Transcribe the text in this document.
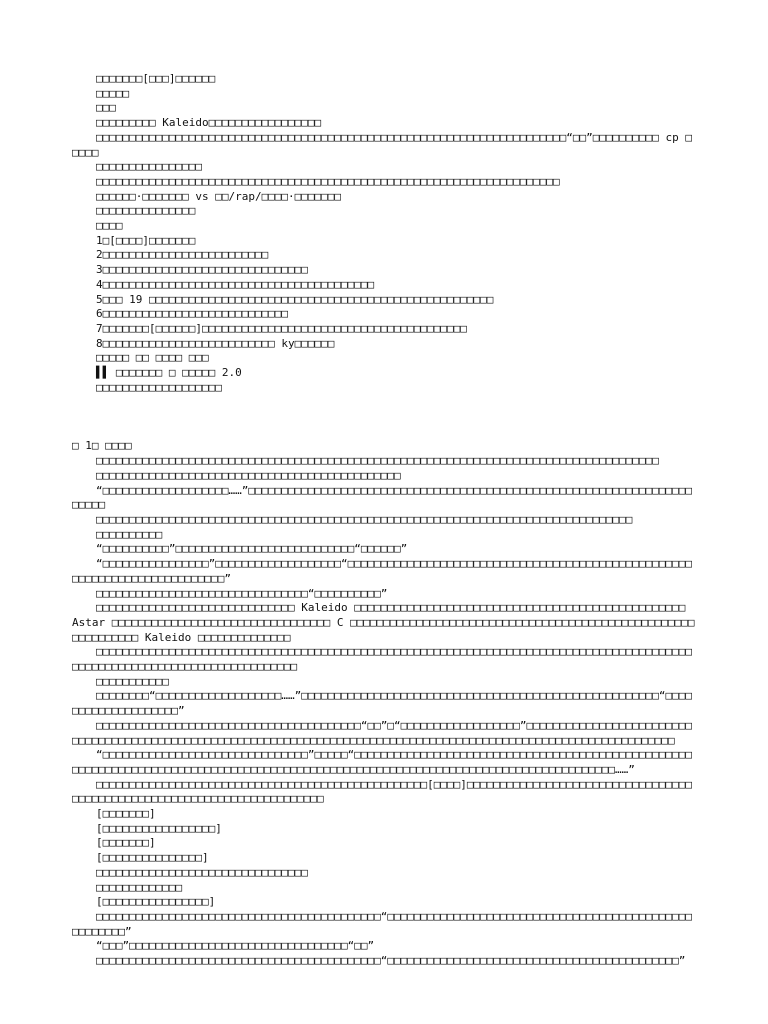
□□□□□□□[□□□]□□□□□□

□□□□□

□□□

□□□□□□□□□ Kaleido□□□□□□□□□□□□□□□□□

□□□□□□□□□□□□□□□□□□□□□□□□□□□□□□□□□□□□□□□□□□□□□□□□□□□□□□□□□□□□□□□□□□□□□□□“□□”□□□□□□□□□□ cp □□□□□

□□□□□□□□□□□□□□□□

□□□□□□□□□□□□□□□□□□□□□□□□□□□□□□□□□□□□□□□□□□□□□□□□□□□□□□□□□□□□□□□□□□□□□□

□□□□□□·□□□□□□□ vs □□/rap/□□□□·□□□□□□□

□□□□□□□□□□□□□□□

□□□□

1□[□□□□]□□□□□□□

2□□□□□□□□□□□□□□□□□□□□□□□□□

3□□□□□□□□□□□□□□□□□□□□□□□□□□□□□□□

4□□□□□□□□□□□□□□□□□□□□□□□□□□□□□□□□□□□□□□□□□

5□□□ 19 □□□□□□□□□□□□□□□□□□□□□□□□□□□□□□□□□□□□□□□□□□□□□□□□□□□□

6□□□□□□□□□□□□□□□□□□□□□□□□□□□□

7□□□□□□□[□□□□□□]□□□□□□□□□□□□□□□□□□□□□□□□□□□□□□□□□□□□□□□□

8□□□□□□□□□□□□□□□□□□□□□□□□□□ ky□□□□□□

□□□□□ □□ □□□□ □□□

▌▌ □□□□□□□ □ □□□□□ 2.0

□□□□□□□□□□□□□□□□□□□

□ 1□ □□□□

□□□□□□□□□□□□□□□□□□□□□□□□□□□□□□□□□□□□□□□□□□□□□□□□□□□□□□□□□□□□□□□□□□□□□□□□□□□□□□□□□□□□□

□□□□□□□□□□□□□□□□□□□□□□□□□□□□□□□□□□□□□□□□□□□□□□

“□□□□□□□□□□□□□□□□□□□……”□□□□□□□□□□□□□□□□□□□□□□□□□□□□□□□□□□□□□□□□□□□□□□□□□□□□□□□□□□□□□□□□□□□□□□□□

□□□□□□□□□□□□□□□□□□□□□□□□□□□□□□□□□□□□□□□□□□□□□□□□□□□□□□□□□□□□□□□□□□□□□□□□□□□□□□□□□

□□□□□□□□□□

“□□□□□□□□□□”□□□□□□□□□□□□□□□□□□□□□□□□□□□“□□□□□□”

“□□□□□□□□□□□□□□□□”□□□□□□□□□□□□□□□□□□□“□□□□□□□□□□□□□□□□□□□□□□□□□□□□□□□□□□□□□□□□□□□□□□□□□□□□□□□□□□□□□□□□□□□□□□□□□□□”

□□□□□□□□□□□□□□□□□□□□□□□□□□□□□□□□“□□□□□□□□□□”

□□□□□□□□□□□□□□□□□□□□□□□□□□□□□□ Kaleido □□□□□□□□□□□□□□□□□□□□□□□□□□□□□□□□□□□□□□□□□□□□□□□□□□ Astar □□□□□□□□□□□□□□□□□□□□□□□□□□□□□□□□□ C □□□□□□□□□□□□□□□□□□□□□□□□□□□□□□□□□□□□□□□□□□□□□□□□□□□□□□□□□□□□□□ Kaleido □□□□□□□□□□□□□□

□□□□□□□□□□□□□□□□□□□□□□□□□□□□□□□□□□□□□□□□□□□□□□□□□□□□□□□□□□□□□□□□□□□□□□□□□□□□□□□□□□□□□□□□□□□□□□□□□□□□□□□□□□□□□□□□□□□□□□□□□□□□

□□□□□□□□□□□

□□□□□□□□“□□□□□□□□□□□□□□□□□□□……”□□□□□□□□□□□□□□□□□□□□□□□□□□□□□□□□□□□□□□□□□□□□□□□□□□□□□□“□□□□□□□□□□□□□□□□□□□□”

□□□□□□□□□□□□□□□□□□□□□□□□□□□□□□□□□□□□□□□□“□□”□“□□□□□□□□□□□□□□□□□□”□□□□□□□□□□□□□□□□□□□□□□□□□□□□□□□□□□□□□□□□□□□□□□□□□□□□□□□□□□□□□□□□□□□□□□□□□□□□□□□□□□□□□□□□□□□□□□□□□□□□□□□□□□□□□□□□□□□□

“□□□□□□□□□□□□□□□□□□□□□□□□□□□□□□□”□□□□□“□□□□□□□□□□□□□□□□□□□□□□□□□□□□□□□□□□□□□□□□□□□□□□□□□□□□□□□□□□□□□□□□□□□□□□□□□□□□□□□□□□□□□□□□□□□□□□□□□□□□□□□□□□□□□□□□□□□□□□□□□□□□□□□□□□□□□……”

□□□□□□□□□□□□□□□□□□□□□□□□□□□□□□□□□□□□□□□□□□□□□□□□□□[□□□□]□□□□□□□□□□□□□□□□□□□□□□□□□□□□□□□□□□□□□□□□□□□□□□□□□□□□□□□□□□□□□□□□□□□□□□□□

[□□□□□□□]

[□□□□□□□□□□□□□□□□□]

[□□□□□□□]

[□□□□□□□□□□□□□□□]

□□□□□□□□□□□□□□□□□□□□□□□□□□□□□□□□

□□□□□□□□□□□□□

[□□□□□□□□□□□□□□□□]

□□□□□□□□□□□□□□□□□□□□□□□□□□□□□□□□□□□□□□□□□□□“□□□□□□□□□□□□□□□□□□□□□□□□□□□□□□□□□□□□□□□□□□□□□□□□□□□□□□”

“□□□”□□□□□□□□□□□□□□□□□□□□□□□□□□□□□□□□□“□□”

□□□□□□□□□□□□□□□□□□□□□□□□□□□□□□□□□□□□□□□□□□□“□□□□□□□□□□□□□□□□□□□□□□□□□□□□□□□□□□□□□□□□□□□□”
